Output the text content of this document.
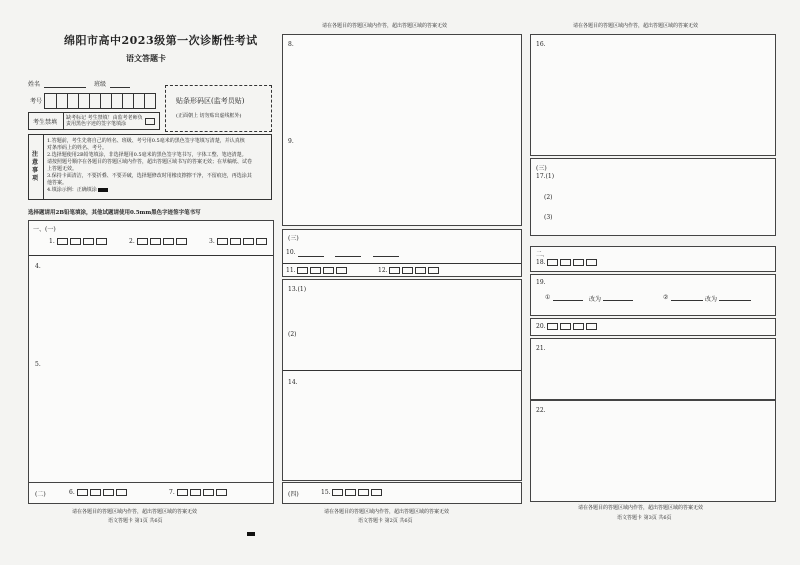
绵阳市高中2023级第一次诊断性考试
语文答题卡
姓名	班级
考号
考生禁填
缺考标记 考生禁填！由监考老师负责用黑色字迹的签字笔填涂
贴条形码区(监考员贴)
(正面朝上 切勿贴出虚线框外)
注意事项
1.答题前，考生先将自己的姓名、班级、考号用0.5毫米的黑色签字笔填写清楚，并认真核
对条形码上的姓名、考号。
2.选择题使用2B铅笔填涂，非选择题用0.5毫米的黑色签字笔书写，字体工整、笔迹清楚。
请按照题号顺序在各题目的答题区域内作答，超出答题区域书写的答案无效；在草稿纸、试卷
上答题无效。
3.保持卡面清洁，不要折叠、不要弄破，选择题修改时用橡皮擦擦干净，不留痕迹，再选涂其
他答案。
4.填涂示例：正确填涂
选择题请用2B铅笔填涂，其他试题请使用0.5mm黑色字迹签字笔书写
一、(一)
1.	2.	3.
4.
5.
(二)	6.	7.
请在各题目的答题区域内作答，超出答题区域的答案无效
语文答题卡 第1页 共6页
请在各题目的答题区域内作答，超出答题区域的答案无效
8.
9.
(三)
10.
11.	12.
13.(1)
(2)
14.
(四)	15.
请在各题目的答题区域内作答，超出答题区域的答案无效
语文答题卡 第2页 共6页
请在各题目的答题区域内作答，超出答题区域的答案无效
16.
(三)
17.(1)
(2)
(3)
二、
18.
19.
①	改为	②	改为
20.
21.
22.
请在各题目的答题区域内作答，超出答题区域的答案无效
语文答题卡 第3页 共6页
